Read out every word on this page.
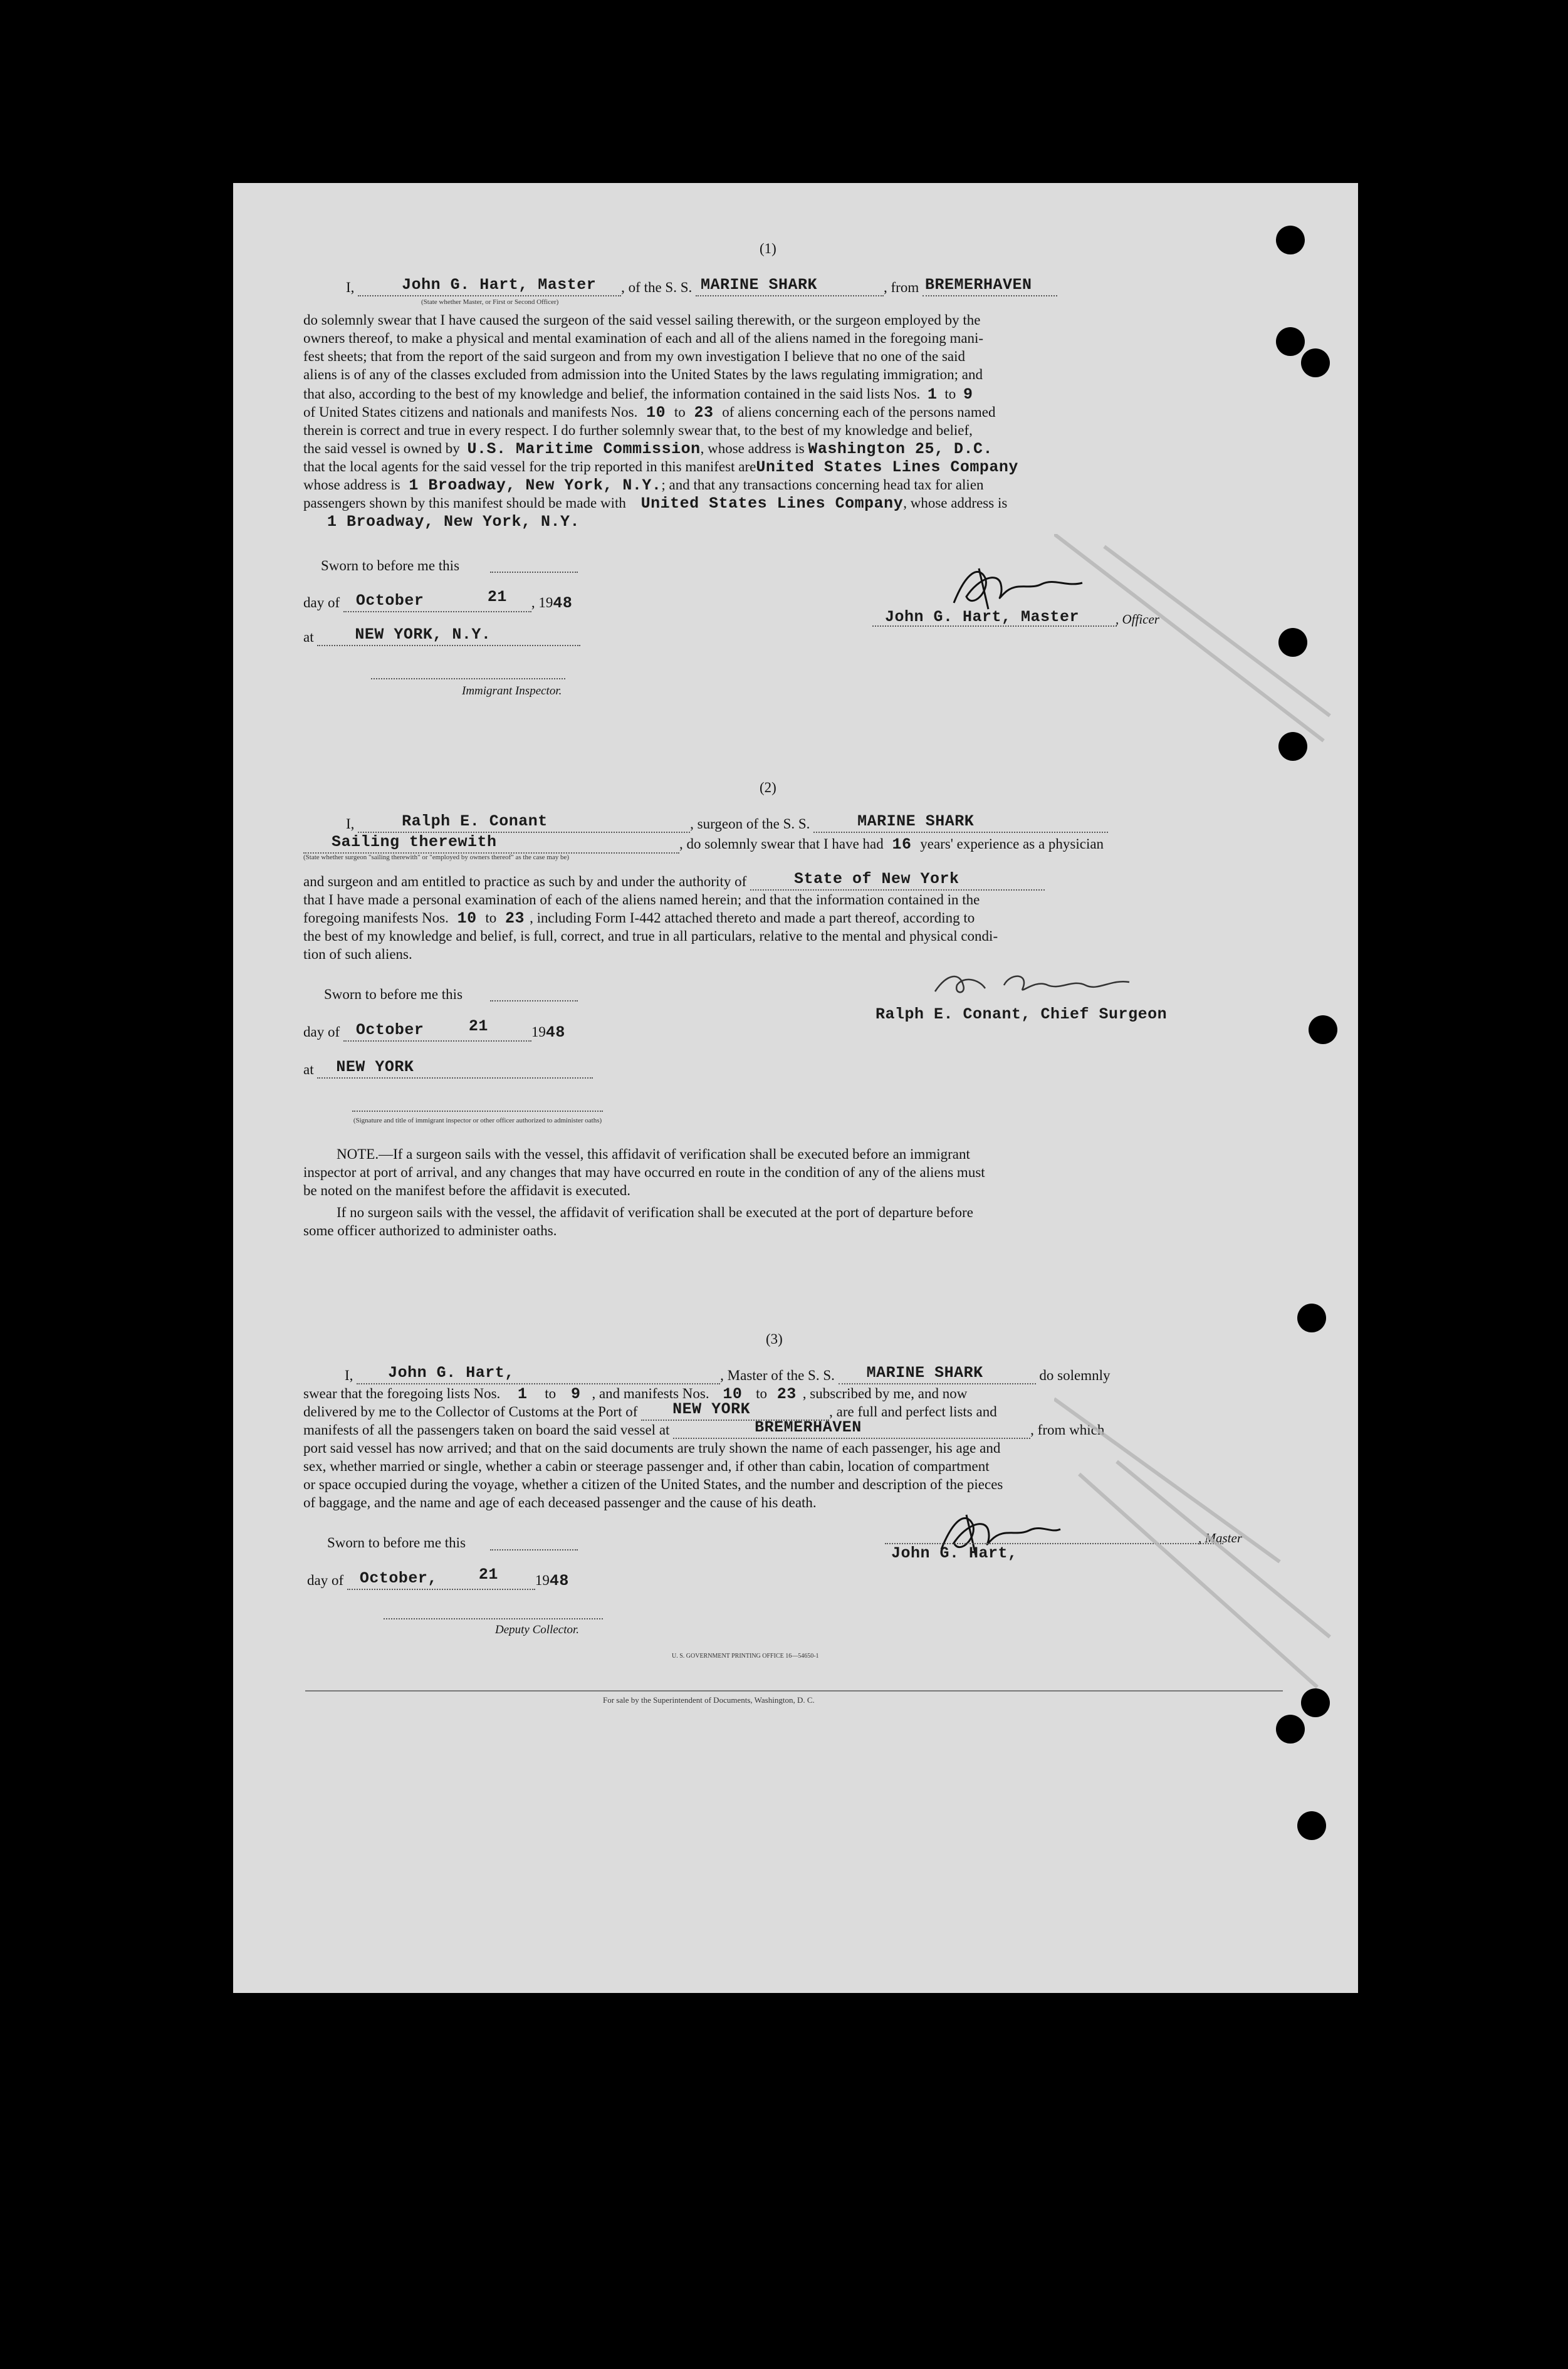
(1)
I,	John G. Hart, Master , of the S. S. MARINE SHARK	, from BREMERHAVEN
(State whether Master, or First or Second Officer)
do solemnly swear that I have caused the surgeon of the said vessel sailing therewith, or the surgeon employed by the
owners thereof, to make a physical and mental examination of each and all of the aliens named in the foregoing mani-
fest sheets; that from the report of the said surgeon and from my own investigation I believe that no one of the said
aliens is of any of the classes excluded from admission into the United States by the laws regulating immigration; and
that also, according to the best of my knowledge and belief, the information contained in the said lists Nos. 1 to 9
of United States citizens and nationals and manifests Nos. 10 to 23 of aliens concerning each of the persons named
therein is correct and true in every respect. I do further solemnly swear that, to the best of my knowledge and belief,
the said vessel is owned by U.S. Maritime Commission, whose address is Washington 25, D.C.
that the local agents for the said vessel for the trip reported in this manifest areUnited States Lines Company
whose address is 1 Broadway, New York, N.Y.; and that any transactions concerning head tax for alien
passengers shown by this manifest should be made with United States Lines Company, whose address is
1 Broadway, New York, N.Y.
Sworn to before me this
day of October	21 , 1948
at	NEW YORK, N.Y.
Immigrant Inspector.
John G. Hart, Master	, Officer
(2)
I,	Ralph E. Conant	, surgeon of the S. S.	MARINE SHARK
Sailing therewith	, do solemnly swear that I have had 16 years' experience as a physician
(State whether surgeon "sailing therewith" or "employed by owners thereof" as the case may be)
and surgeon and am entitled to practice as such by and under the authority of	State of New York
that I have made a personal examination of each of the aliens named herein; and that the information contained in the
foregoing manifests Nos. 10 to 23 , including Form I-442 attached thereto and made a part thereof, according to
the best of my knowledge and belief, is full, correct, and true in all particulars, relative to the mental and physical condi-
tion of such aliens.
Sworn to before me this
day of October	21	1948
at NEW YORK
(Signature and title of immigrant inspector or other officer authorized to administer oaths)
Ralph E. Conant, Chief Surgeon
NOTE.—If a surgeon sails with the vessel, this affidavit of verification shall be executed before an immigrant
inspector at port of arrival, and any changes that may have occurred en route in the condition of any of the aliens must
be noted on the manifest before the affidavit is executed.
If no surgeon sails with the vessel, the affidavit of verification shall be executed at the port of departure before
some officer authorized to administer oaths.
(3)
I, John G. Hart,	, Master of the S. S. MARINE SHARK	do solemnly
swear that the foregoing lists Nos. 1 to 9 , and manifests Nos. 10 to 23 , subscribed by me, and now
delivered by me to the Collector of Customs at the Port of NEW YORK	, are full and perfect lists and
manifests of all the passengers taken on board the said vessel at	BREMERHAVEN	, from which
port said vessel has now arrived; and that on the said documents are truly shown the name of each passenger, his age and
sex, whether married or single, whether a cabin or steerage passenger and, if other than cabin, location of compartment
or space occupied during the voyage, whether a citizen of the United States, and the number and description of the pieces
of baggage, and the name and age of each deceased passenger and the cause of his death.
Sworn to before me this
day of October,	21	1948
Deputy Collector.
John G. Hart,
, Master
U. S. GOVERNMENT PRINTING OFFICE 16—54650-1
For sale by the Superintendent of Documents, Washington, D. C.
